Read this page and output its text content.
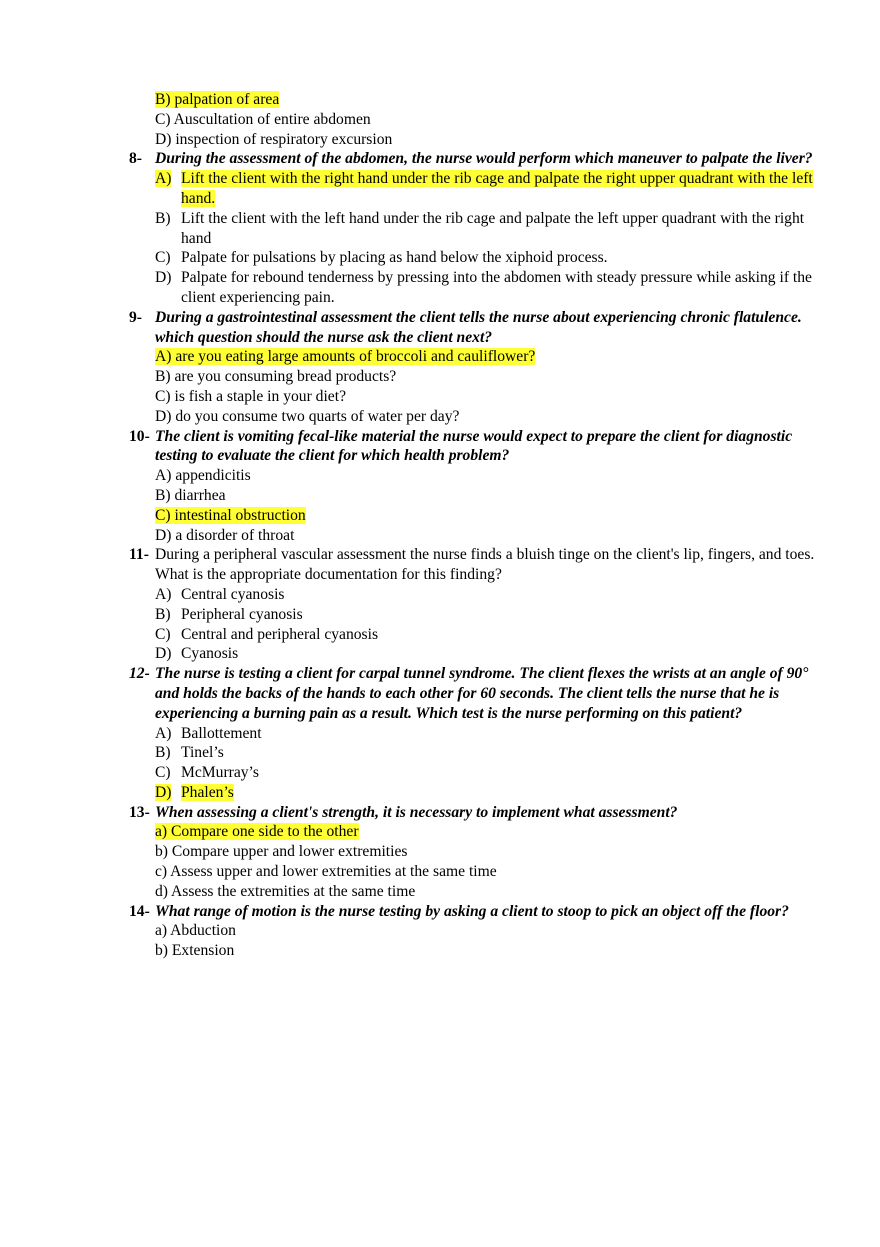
B) palpation of area
C) Auscultation of entire abdomen
D) inspection of respiratory excursion
8- During the assessment of the abdomen, the nurse would perform which maneuver to palpate the liver?
A) Lift the client with the right hand under the rib cage and palpate the right upper quadrant with the left hand.
B) Lift the client with the left hand under the rib cage and palpate the left upper quadrant with the right hand
C) Palpate for pulsations by placing as hand below the xiphoid process.
D) Palpate for rebound tenderness by pressing into the abdomen with steady pressure while asking if the client experiencing pain.
9- During a gastrointestinal assessment the client tells the nurse about experiencing chronic flatulence. which question should the nurse ask the client next?
A) are you eating large amounts of broccoli and cauliflower?
B) are you consuming bread products?
C) is fish a staple in your diet?
D) do you consume two quarts of water per day?
10- The client is vomiting fecal-like material the nurse would expect to prepare the client for diagnostic testing to evaluate the client for which health problem?
A) appendicitis
B) diarrhea
C) intestinal obstruction
D) a disorder of throat
11- During a peripheral vascular assessment the nurse finds a bluish tinge on the client's lip, fingers, and toes. What is the appropriate documentation for this finding?
A) Central cyanosis
B) Peripheral cyanosis
C) Central and peripheral cyanosis
D) Cyanosis
12- The nurse is testing a client for carpal tunnel syndrome. The client flexes the wrists at an angle of 90° and holds the backs of the hands to each other for 60 seconds. The client tells the nurse that he is experiencing a burning pain as a result. Which test is the nurse performing on this patient?
A) Ballottement
B) Tinel’s
C) McMurray’s
D) Phalen’s
13- When assessing a client's strength, it is necessary to implement what assessment?
a) Compare one side to the other
b) Compare upper and lower extremities
c) Assess upper and lower extremities at the same time
d) Assess the extremities at the same time
14- What range of motion is the nurse testing by asking a client to stoop to pick an object off the floor?
a) Abduction
b) Extension
